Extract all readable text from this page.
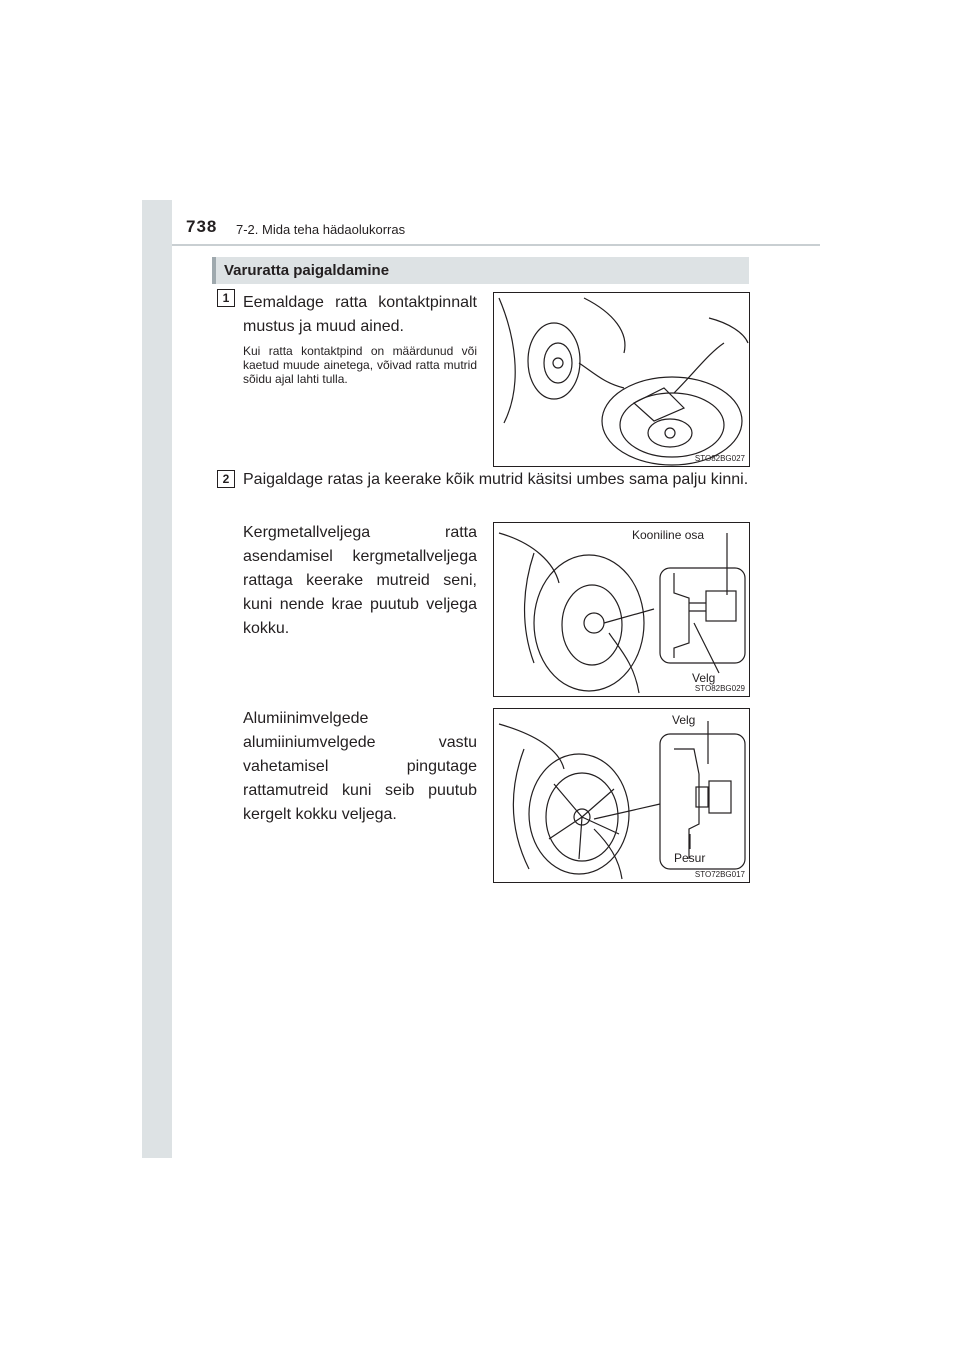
738 7-2. Mida teha hädaolukorras
Varuratta paigaldamine
1 Eemaldage ratta kontaktpinnalt mustus ja muud ained.

Kui ratta kontaktpind on määrdunud või kaetud muude ainetega, võivad ratta mutrid sõidu ajal lahti tulla.

STO82BG027
2 Paigaldage ratas ja keerake kõik mutrid käsitsi umbes sama palju kinni.

Kergmetallveljega ratta asendamisel kergmetallveljega rattaga keerake mutreid seni, kuni nende krae puutub veljega kokku.

Kooniline osa
Velg
STO82BG029

Alumiinimvelgede alumiiniumvelgede vastu vahetamisel pingutage rattamutreid kuni seib puutub kergelt kokku veljega.

Velg
Pesur
STO72BG017
